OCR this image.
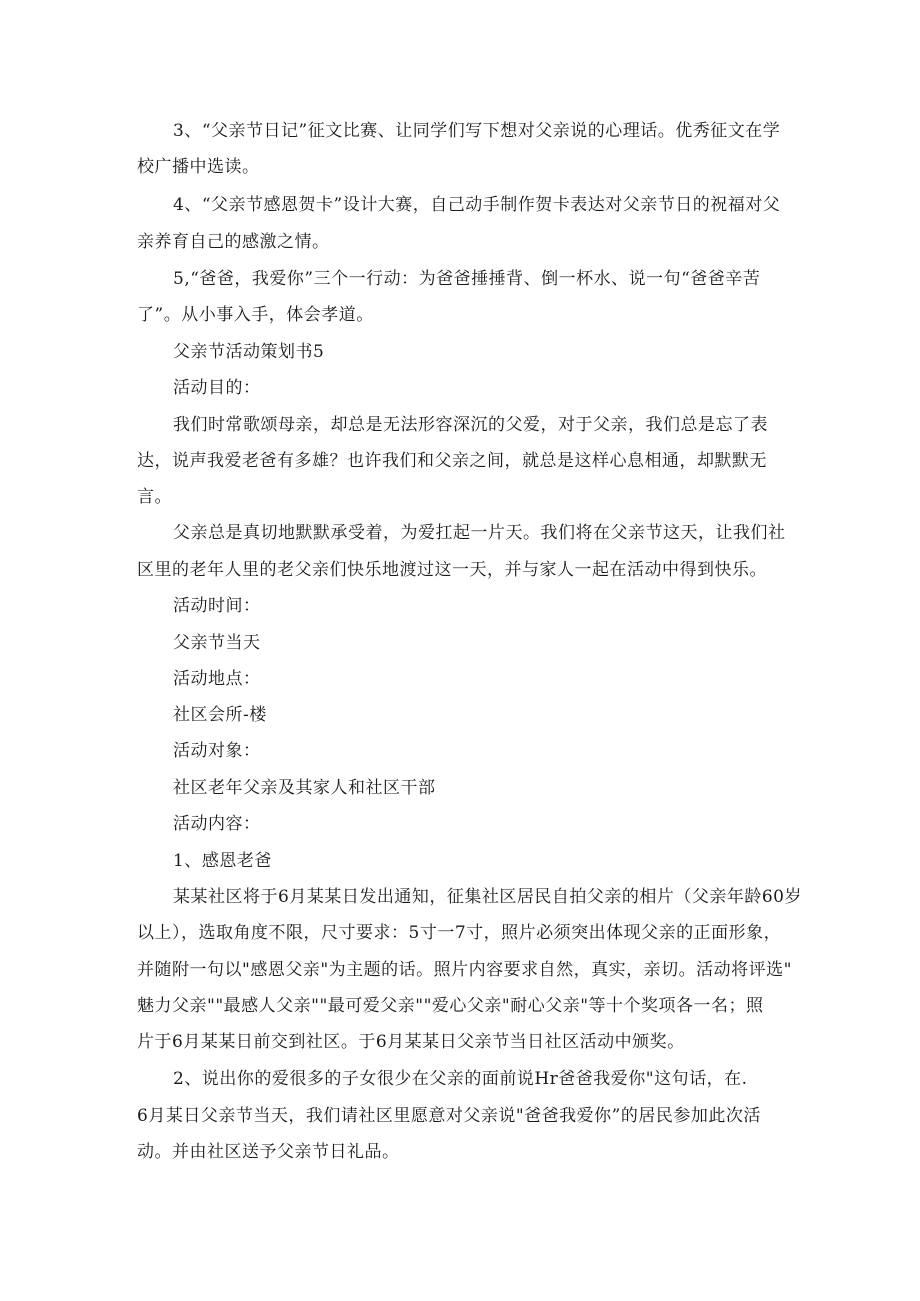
3、“父亲节日记”征文比赛、让同学们写下想对父亲说的心理话。优秀征文在学

校广播中选读。

4、“父亲节感恩贺卡”设计大赛，自己动手制作贺卡表达对父亲节日的祝福对父

亲养育自己的感激之情。

5,“爸爸，我爱你”三个一行动：为爸爸捶捶背、倒一杯水、说一句“爸爸辛苦

了”。从小事入手，体会孝道。

父亲节活动策划书5

活动目的：

我们时常歌颂母亲，却总是无法形容深沉的父爱，对于父亲，我们总是忘了表

达，说声我爱老爸有多雄？也许我们和父亲之间，就总是这样心息相通，却默默无

言。

父亲总是真切地默默承受着，为爱扛起一片天。我们将在父亲节这天，让我们社

区里的老年人里的老父亲们快乐地渡过这一天，并与家人一起在活动中得到快乐。

活动时间：

父亲节当天

活动地点：

社区会所-楼

活动对象：

社区老年父亲及其家人和社区干部

活动内容：

1、感恩老爸

某某社区将于6月某某日发出通知，征集社区居民自拍父亲的相片（父亲年龄60岁

以上），选取角度不限，尺寸要求：5寸一7寸，照片必须突出体现父亲的正面形象，

并随附一句以"感恩父亲"为主题的话。照片内容要求自然，真实，亲切。活动将评选"

魅力父亲""最感人父亲""最可爱父亲""爱心父亲"耐心父亲"等十个奖项各一名；照

片于6月某某日前交到社区。于6月某某日父亲节当日社区活动中颁奖。

2、说出你的爱很多的子女很少在父亲的面前说Hr爸爸我爱你"这句话，在.

6月某日父亲节当天，我们请社区里愿意对父亲说"爸爸我爱你”的居民参加此次活

动。并由社区送予父亲节日礼品。
